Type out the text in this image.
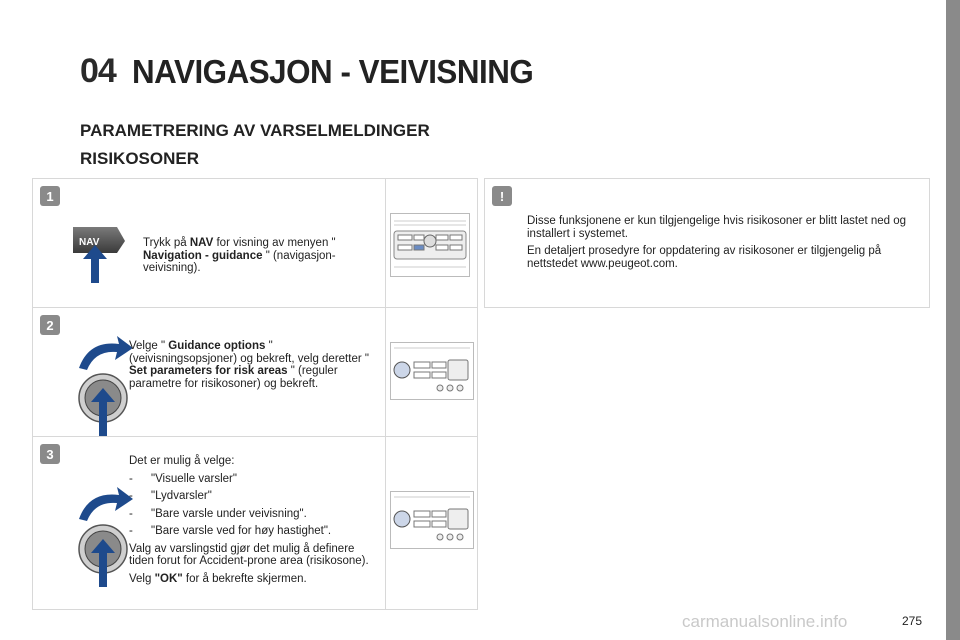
04 NAVIGASJON - VEIVISNING
PARAMETRERING AV VARSELMELDINGER
RISIKOSONER
1
NAV	Trykk på NAV for visning av menyen " Navigation - guidance " (navigasjon-veivisning).
2
Velge " Guidance options " (veivisningsopsjoner) og bekreft, velg deretter " Set parameters for risk areas " (reguler parametre for risikosoner) og bekreft.
3	Det er mulig å velge:

- "Visuelle varsler"
- "Lydvarsler"
- "Bare varsle under veivisning".
- "Bare varsle ved for høy hastighet".

Valg av varslingstid gjør det mulig å definere tiden forut for Accident-prone area (risikosone).

Velg "OK" for å bekrefte skjermen.

!

Disse funksjonene er kun tilgjengelige hvis risikosoner er blitt lastet ned og installert i systemet.

En detaljert prosedyre for oppdatering av risikosoner er tilgjengelig på nettstedet www.peugeot.com.

carmanualsonline.info	275
